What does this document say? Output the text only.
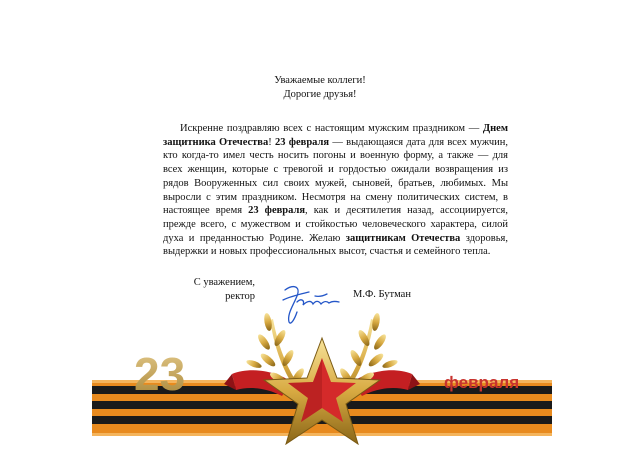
Уважаемые коллеги!
Дорогие друзья!

Искренне поздравляю всех с настоящим мужским праздником — Днем защитника Отечества! 23 февраля — выдающаяся дата для всех мужчин, кто когда-то имел честь носить погоны и военную форму, а также — для всех женщин, которые с тревогой и гордостью ожидали возвращения из рядов Вооруженных сил своих мужей, сыновей, братьев, любимых. Мы выросли с этим праздником. Несмотря на смену политических систем, в настоящее время 23 февраля, как и десятилетия назад, ассоциируется, прежде всего, с мужеством и стойкостью человеческого характера, силой духа и преданностью Родине. Желаю защитникам Отечества здоровья, выдержки и новых профессиональных высот, счастья и семейного тепла.

С уважением,
ректор	М.Ф. Бутман
23	февраля
